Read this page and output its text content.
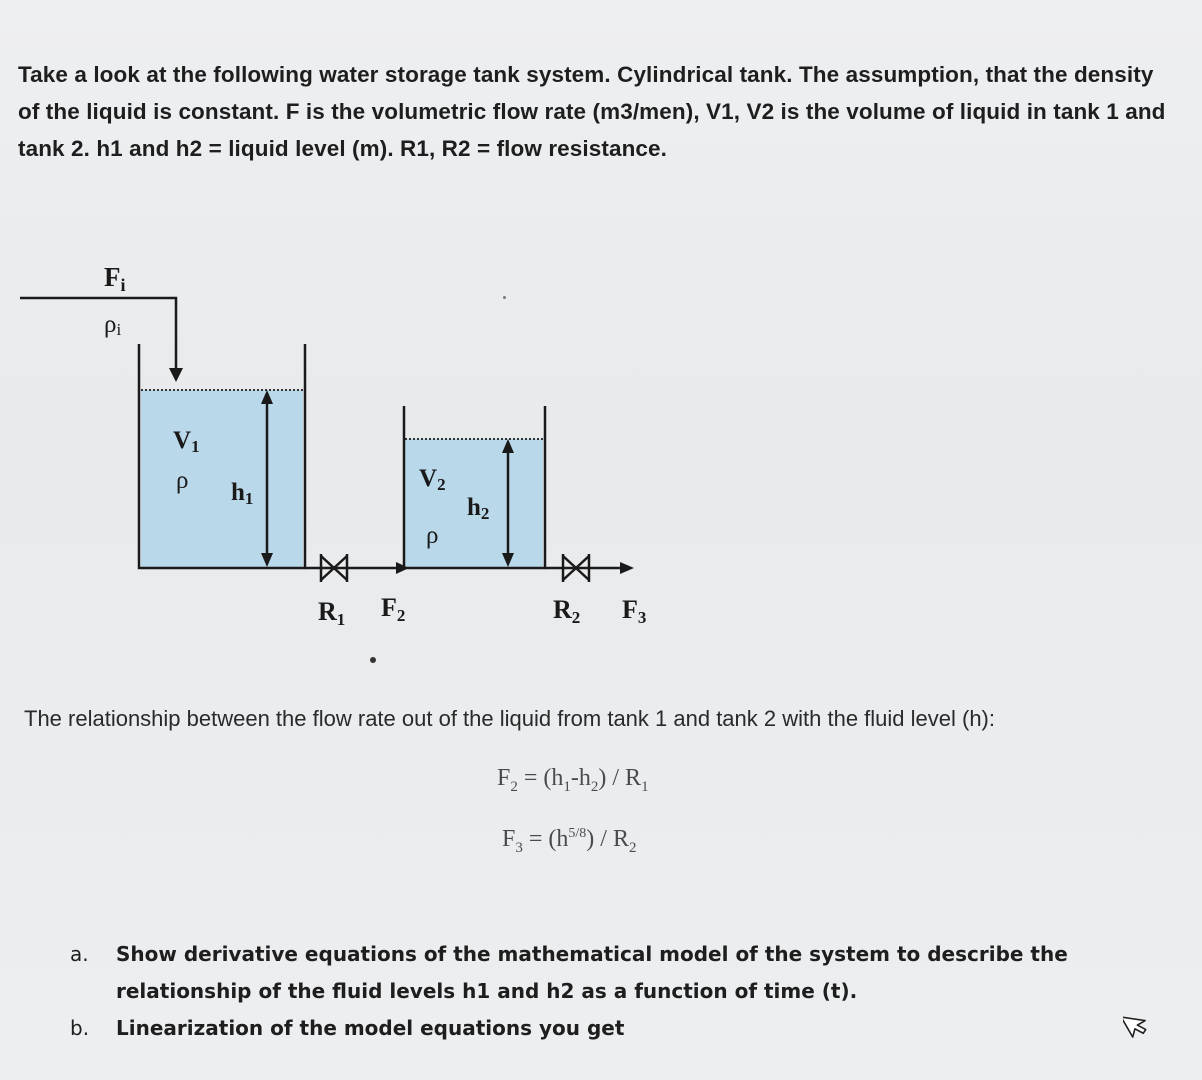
Take a look at the following water storage tank system. Cylindrical tank. The assumption, that the density of the liquid is constant. F is the volumetric flow rate (m3/men), V1, V2 is the volume of liquid in tank 1 and tank 2. h1 and h2 = liquid level (m). R1, R2 = flow resistance.

Fi
ρi
V1
ρ h1
V2
h2
ρ
R1 F2	R2 F3
The relationship between the flow rate out of the liquid from tank 1 and tank 2 with the fluid level (h):
$F_2 = (h_1-h_2) / R_1$
$F_3 = (h^{5/8}) / R_2$
a.	Show derivative equations of the mathematical model of the system to describe the relationship of the fluid levels h1 and h2 as a function of time (t).
b.	Linearization of the model equations you get
